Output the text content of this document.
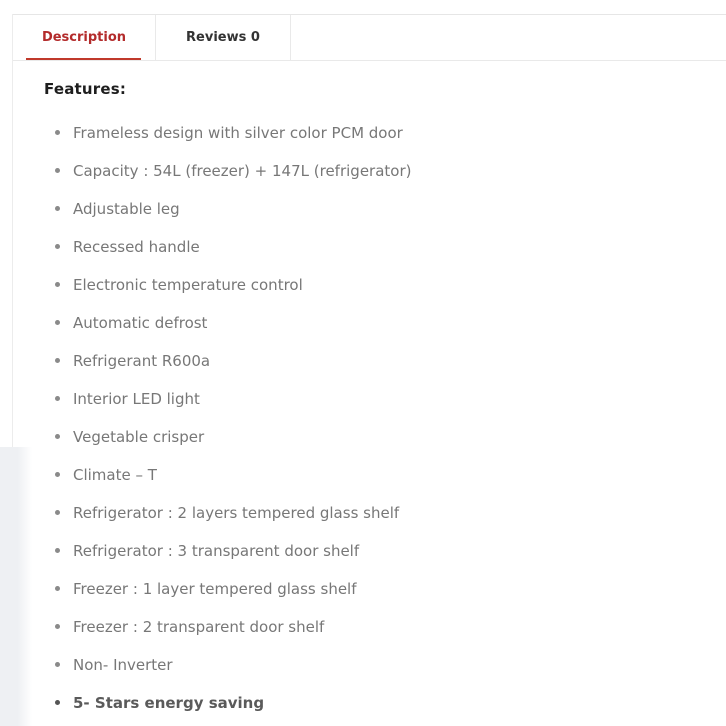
Description	Reviews 0
Features:
Frameless design with silver color PCM door
Capacity : 54L (freezer) + 147L (refrigerator)
Adjustable leg
Recessed handle
Electronic temperature control
Automatic defrost
Refrigerant R600a
Interior LED light
Vegetable crisper
Climate – T
Refrigerator : 2 layers tempered glass shelf
Refrigerator : 3 transparent door shelf
Freezer : 1 layer tempered glass shelf
Freezer : 2 transparent door shelf
Non- Inverter
5- Stars energy saving
